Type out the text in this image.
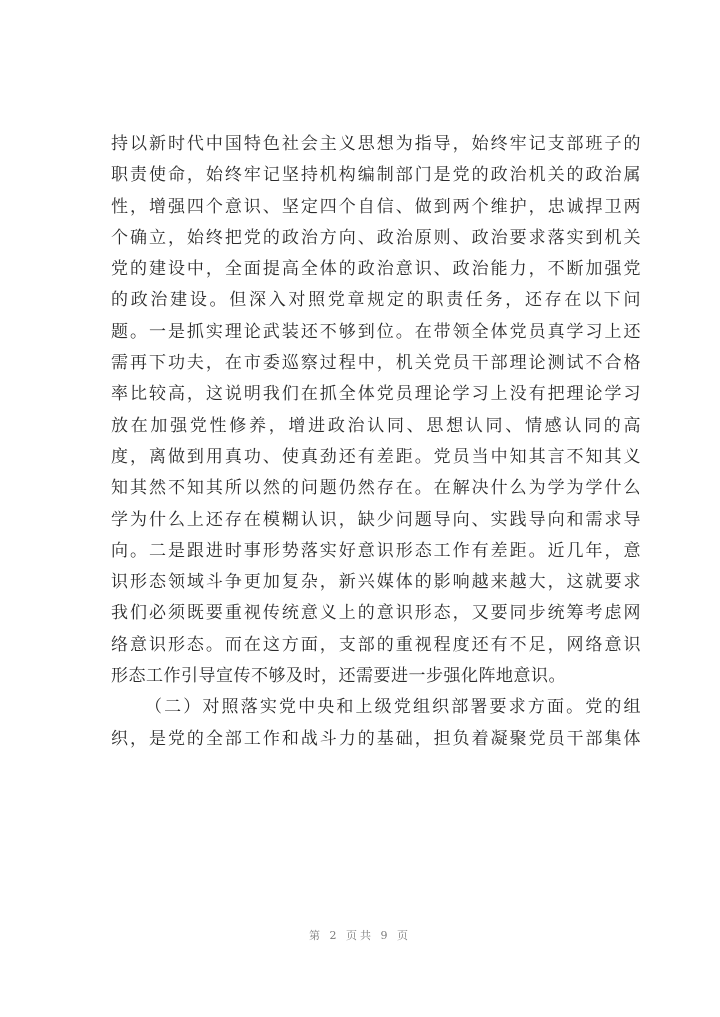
持以新时代中国特色社会主义思想为指导，始终牢记支部班子的
职责使命，始终牢记坚持机构编制部门是党的政治机关的政治属
性，增强四个意识、坚定四个自信、做到两个维护，忠诚捍卫两
个确立，始终把党的政治方向、政治原则、政治要求落实到机关
党的建设中，全面提高全体的政治意识、政治能力，不断加强党
的政治建设。但深入对照党章规定的职责任务，还存在以下问
题。一是抓实理论武装还不够到位。在带领全体党员真学习上还
需再下功夫，在市委巡察过程中，机关党员干部理论测试不合格
率比较高，这说明我们在抓全体党员理论学习上没有把理论学习
放在加强党性修养，增进政治认同、思想认同、情感认同的高
度，离做到用真功、使真劲还有差距。党员当中知其言不知其义
知其然不知其所以然的问题仍然存在。在解决什么为学为学什么
学为什么上还存在模糊认识，缺少问题导向、实践导向和需求导
向。二是跟进时事形势落实好意识形态工作有差距。近几年，意
识形态领域斗争更加复杂，新兴媒体的影响越来越大，这就要求
我们必须既要重视传统意义上的意识形态，又要同步统筹考虑网
络意识形态。而在这方面，支部的重视程度还有不足，网络意识
形态工作引导宣传不够及时，还需要进一步强化阵地意识。
（二）对照落实党中央和上级党组织部署要求方面。党的组
织，是党的全部工作和战斗力的基础，担负着凝聚党员干部集体
第 2 页共 9 页
